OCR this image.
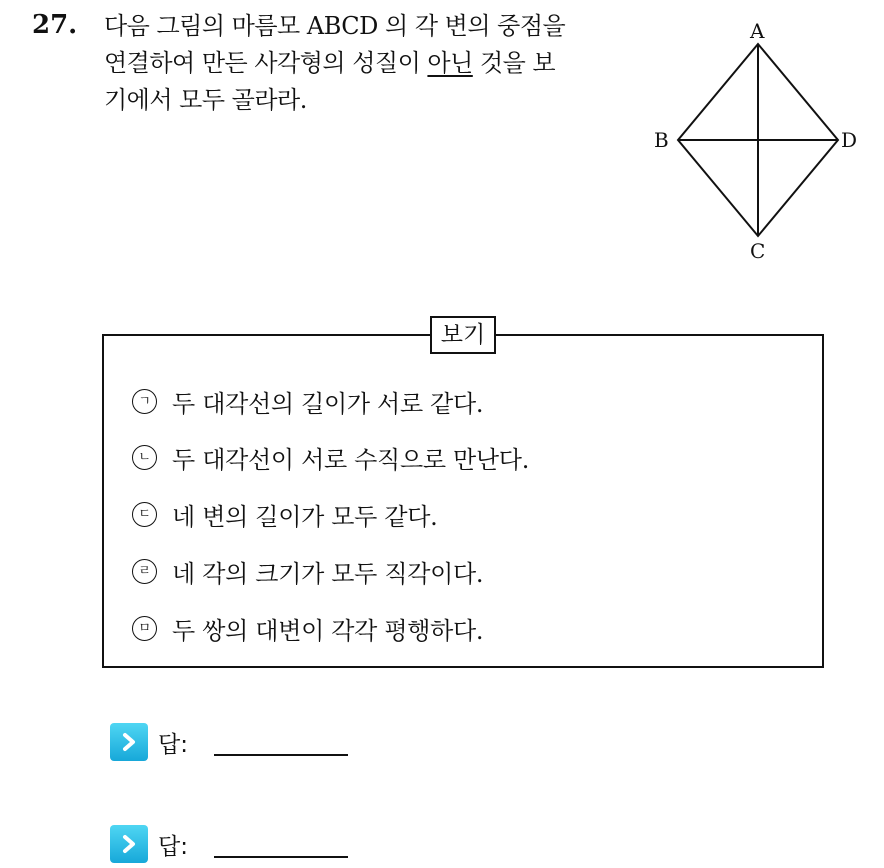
27. 다음 그림의 마름모 ABCD 의 각 변의 중점을
연결하여 만든 사각형의 성질이 아닌 것을 보
기에서 모두 골라라.
A
B
C
D
보기
ㄱ 두 대각선의 길이가 서로 같다.
ㄴ 두 대각선이 서로 수직으로 만난다.
ㄷ 네 변의 길이가 모두 같다.
ㄹ 네 각의 크기가 모두 직각이다.
ㅁ 두 쌍의 대변이 각각 평행하다.
답:
답:
